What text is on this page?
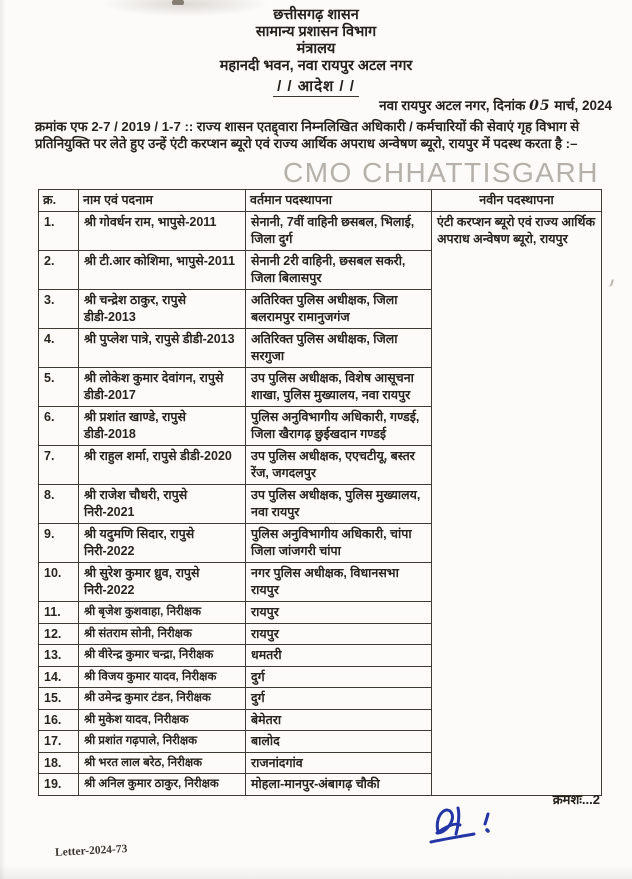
छत्तीसगढ़ शासन
सामान्य प्रशासन विभाग
मंत्रालय
महानदी भवन, नवा रायपुर अटल नगर
/ / आदेश / /
नवा रायपुर अटल नगर, दिनांक 05 मार्च, 2024

क्रमांक एफ 2-7 / 2019 / 1-7 :: राज्य शासन एतद्द्वारा निम्नलिखित अधिकारी / कर्मचारियों की सेवाएं गृह विभाग से प्रतिनियुक्ति पर लेते हुए उन्हें एंटी करप्शन ब्यूरो एवं राज्य आर्थिक अपराध अन्वेषण ब्यूरो, रायपुर में पदस्थ करता है :–

CMO CHHATTISGARH
क्र.	नाम एवं पदनाम	वर्तमान पदस्थापना	नवीन पदस्थापना
1.	श्री गोवर्धन राम, भापुसे-2011	सेनानी, 7वीं वाहिनी छसबल, भिलाई, जिला दुर्ग	एंटी करप्शन ब्यूरो एवं राज्य आर्थिक अपराध अन्वेषण ब्यूरो, रायपुर
2.	श्री टी.आर कोशिमा, भापुसे-2011	सेनानी 2री वाहिनी, छसबल सकरी, जिला बिलासपुर	
3.	श्री चन्द्रेश ठाकुर, रापुसे डीडी-2013	अतिरिक्त पुलिस अधीक्षक, जिला बलरामपुर रामानुजगंज	
4.	श्री पुप्लेश पात्रे, रापुसे डीडी-2013	अतिरिक्त पुलिस अधीक्षक, जिला सरगुजा	
5.	श्री लोकेश कुमार देवांगन, रापुसे डीडी-2017	उप पुलिस अधीक्षक, विशेष आसूचना शाखा, पुलिस मुख्यालय, नवा रायपुर	
6.	श्री प्रशांत खाण्डे, रापुसे डीडी-2018	पुलिस अनुविभागीय अधिकारी, गण्डई, जिला खैरागढ़ छुईखदान गण्डई	
7.	श्री राहुल शर्मा, रापुसे डीडी-2020	उप पुलिस अधीक्षक, एएचटीयू, बस्तर रेंज, जगदलपुर	
8.	श्री राजेश चौधरी, रापुसे निरी-2021	उप पुलिस अधीक्षक, पुलिस मुख्यालय, नवा रायपुर	
9.	श्री यदुमणि सिदार, रापुसे निरी-2022	पुलिस अनुविभागीय अधिकारी, चांपा जिला जांजगरी चांपा	
10.	श्री सुरेश कुमार ध्रुव, रापुसे निरी-2022	नगर पुलिस अधीक्षक, विधानसभा रायपुर	
11.	श्री बृजेश कुशवाहा, निरीक्षक	रायपुर	
12.	श्री संतराम सोनी, निरीक्षक	रायपुर	
13.	श्री वीरेन्द्र कुमार चन्द्रा, निरीक्षक	धमतरी	
14.	श्री विजय कुमार यादव, निरीक्षक	दुर्ग	
15.	श्री उमेन्द्र कुमार टंडन, निरीक्षक	दुर्ग	
16.	श्री मुकेश यादव, निरीक्षक	बेमेतरा	
17.	श्री प्रशांत गढ़पाले, निरीक्षक	बालोद	
18.	श्री भरत लाल बरेठ, निरीक्षक	राजनांदगांव	
19.	श्री अनिल कुमार ठाकुर, निरीक्षक	मोहला-मानपुर-अंबागढ़ चौकी	
क्रमशः...2
Letter-2024-73
